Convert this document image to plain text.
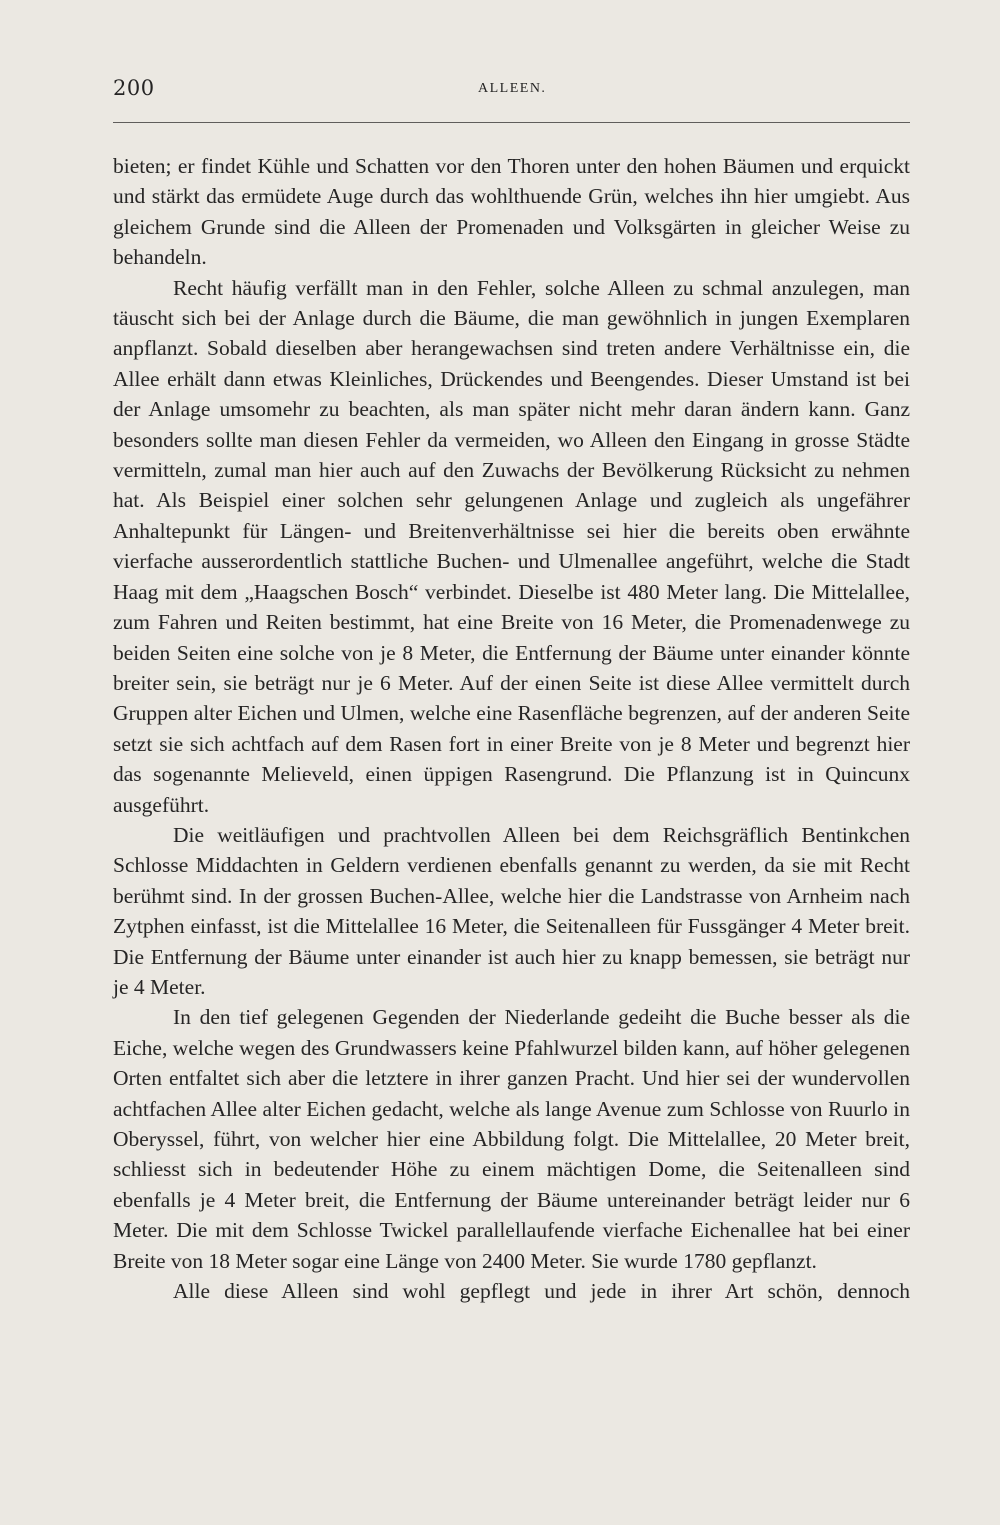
200	ALLEEN.

bieten; er findet Kühle und Schatten vor den Thoren unter den hohen Bäumen und erquickt und stärkt das ermüdete Auge durch das wohlthuende Grün, welches ihn hier umgiebt. Aus gleichem Grunde sind die Alleen der Promenaden und Volksgärten in gleicher Weise zu behandeln.

Recht häufig verfällt man in den Fehler, solche Alleen zu schmal anzulegen, man täuscht sich bei der Anlage durch die Bäume, die man gewöhnlich in jungen Exemplaren anpflanzt. Sobald dieselben aber herangewachsen sind treten andere Verhältnisse ein, die Allee erhält dann etwas Kleinliches, Drückendes und Beengendes. Dieser Umstand ist bei der Anlage umsomehr zu beachten, als man später nicht mehr daran ändern kann. Ganz besonders sollte man diesen Fehler da vermeiden, wo Alleen den Eingang in grosse Städte vermitteln, zumal man hier auch auf den Zuwachs der Bevölkerung Rücksicht zu nehmen hat. Als Beispiel einer solchen sehr gelungenen Anlage und zugleich als ungefährer Anhaltepunkt für Längen- und Breitenverhältnisse sei hier die bereits oben erwähnte vierfache ausserordentlich stattliche Buchen- und Ulmenallee angeführt, welche die Stadt Haag mit dem „Haagschen Bosch“ verbindet. Dieselbe ist 480 Meter lang. Die Mittelallee, zum Fahren und Reiten bestimmt, hat eine Breite von 16 Meter, die Promenadenwege zu beiden Seiten eine solche von je 8 Meter, die Entfernung der Bäume unter einander könnte breiter sein, sie beträgt nur je 6 Meter. Auf der einen Seite ist diese Allee vermittelt durch Gruppen alter Eichen und Ulmen, welche eine Rasenfläche begrenzen, auf der anderen Seite setzt sie sich achtfach auf dem Rasen fort in einer Breite von je 8 Meter und begrenzt hier das sogenannte Melieveld, einen üppigen Rasengrund. Die Pflanzung ist in Quincunx ausgeführt.

Die weitläufigen und prachtvollen Alleen bei dem Reichsgräflich Bentinkchen Schlosse Middachten in Geldern verdienen ebenfalls genannt zu werden, da sie mit Recht berühmt sind. In der grossen Buchen-Allee, welche hier die Landstrasse von Arnheim nach Zytphen einfasst, ist die Mittelallee 16 Meter, die Seitenalleen für Fussgänger 4 Meter breit. Die Entfernung der Bäume unter einander ist auch hier zu knapp bemessen, sie beträgt nur je 4 Meter.

In den tief gelegenen Gegenden der Niederlande gedeiht die Buche besser als die Eiche, welche wegen des Grundwassers keine Pfahlwurzel bilden kann, auf höher gelegenen Orten entfaltet sich aber die letztere in ihrer ganzen Pracht. Und hier sei der wundervollen achtfachen Allee alter Eichen gedacht, welche als lange Avenue zum Schlosse von Ruurlo in Oberyssel, führt, von welcher hier eine Abbildung folgt. Die Mittelallee, 20 Meter breit, schliesst sich in bedeutender Höhe zu einem mächtigen Dome, die Seitenalleen sind ebenfalls je 4 Meter breit, die Entfernung der Bäume untereinander beträgt leider nur 6 Meter. Die mit dem Schlosse Twickel parallellaufende vierfache Eichenallee hat bei einer Breite von 18 Meter sogar eine Länge von 2400 Meter. Sie wurde 1780 gepflanzt.

Alle diese Alleen sind wohl gepflegt und jede in ihrer Art schön, dennoch
